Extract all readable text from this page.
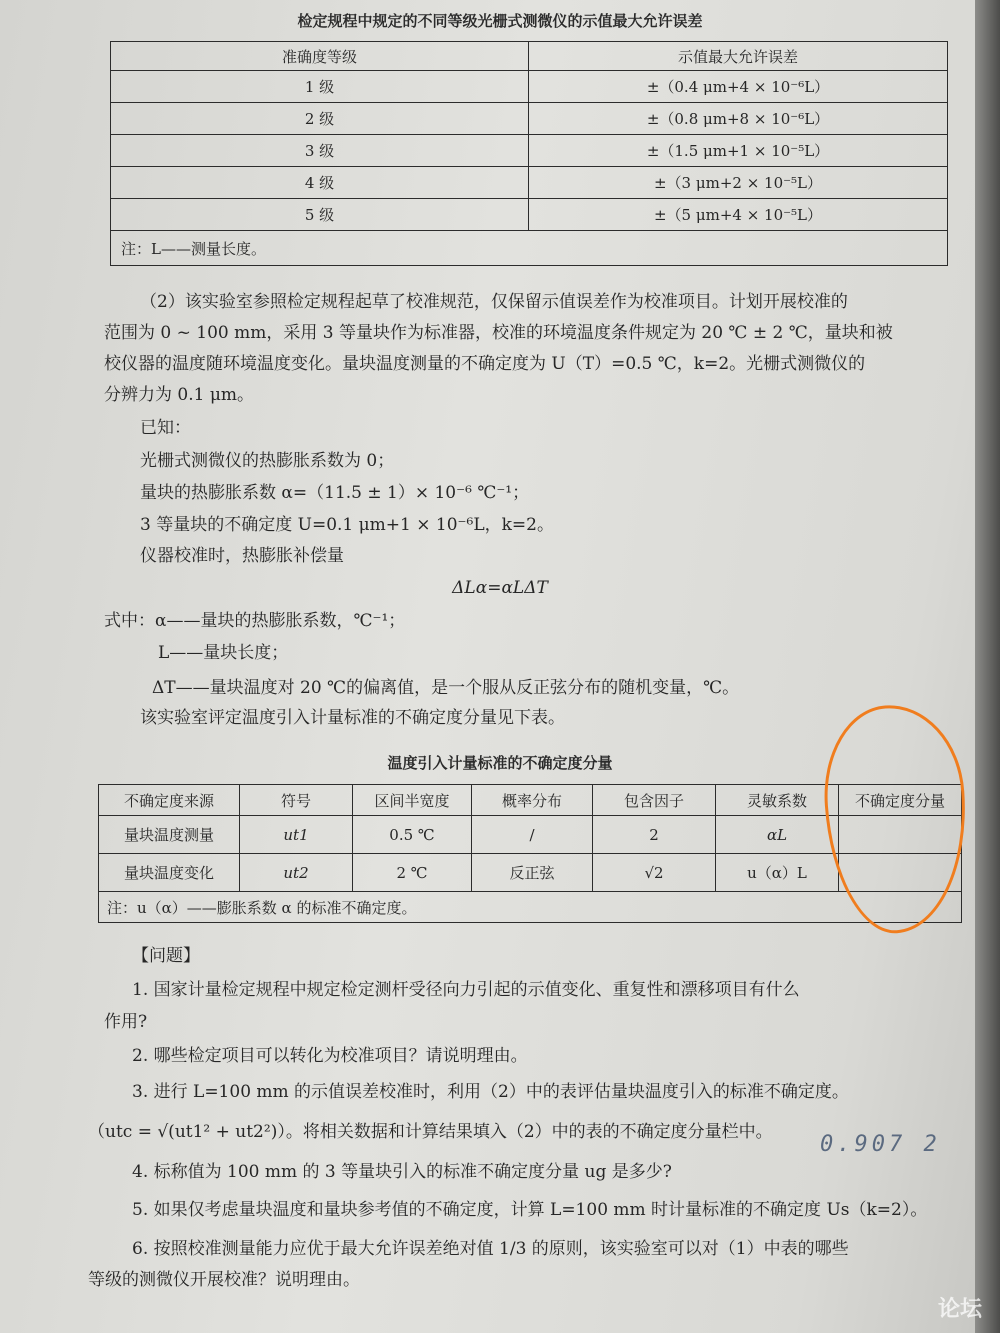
检定规程中规定的不同等级光栅式测微仪的示值最大允许误差
准确度等级	示值最大允许误差
1 级	±（0.4 μm+4 × 10⁻⁶L）
2 级	±（0.8 μm+8 × 10⁻⁶L）
3 级	±（1.5 μm+1 × 10⁻⁵L）
4 级	±（3 μm+2 × 10⁻⁵L）
5 级	±（5 μm+4 × 10⁻⁵L）
注：L——测量长度。	
（2）该实验室参照检定规程起草了校准规范，仅保留示值误差作为校准项目。计划开展校准的
范围为 0 ~ 100 mm，采用 3 等量块作为标准器，校准的环境温度条件规定为 20 ℃ ± 2 ℃，量块和被
校仪器的温度随环境温度变化。量块温度测量的不确定度为 U（T）=0.5 ℃，k=2。光栅式测微仪的
分辨力为 0.1 μm。
已知：
光栅式测微仪的热膨胀系数为 0；
量块的热膨胀系数 α=（11.5 ± 1）× 10⁻⁶ ℃⁻¹；
3 等量块的不确定度 U=0.1 μm+1 × 10⁻⁶L，k=2。
仪器校准时，热膨胀补偿量
ΔLα=αLΔT
式中：α——量块的热膨胀系数，℃⁻¹；
L——量块长度；
ΔT——量块温度对 20 ℃的偏离值，是一个服从反正弦分布的随机变量，℃。
该实验室评定温度引入计量标准的不确定度分量见下表。
温度引入计量标准的不确定度分量
不确定度来源	符号	区间半宽度	概率分布	包含因子	灵敏系数	不确定度分量
量块温度测量	ut1	0.5 ℃	/	2	αL	
量块温度变化	ut2	2 ℃	反正弦	√2	u（α）L	
注：u（α）——膨胀系数 α 的标准不确定度。						
【问题】
1. 国家计量检定规程中规定检定测杆受径向力引起的示值变化、重复性和漂移项目有什么
作用?
2. 哪些检定项目可以转化为校准项目？请说明理由。
3. 进行 L=100 mm 的示值误差校准时，利用（2）中的表评估量块温度引入的标准不确定度。
（utc = √(ut1² + ut2²)）。将相关数据和计算结果填入（2）中的表的不确定度分量栏中。
4. 标称值为 100 mm 的 3 等量块引入的标准不确定度分量 ug 是多少?
5. 如果仅考虑量块温度和量块参考值的不确定度，计算 L=100 mm 时计量标准的不确定度 Us（k=2）。
6. 按照校准测量能力应优于最大允许误差绝对值 1/3 的原则，该实验室可以对（1）中表的哪些
等级的测微仪开展校准？说明理由。
0.907 2
论坛
